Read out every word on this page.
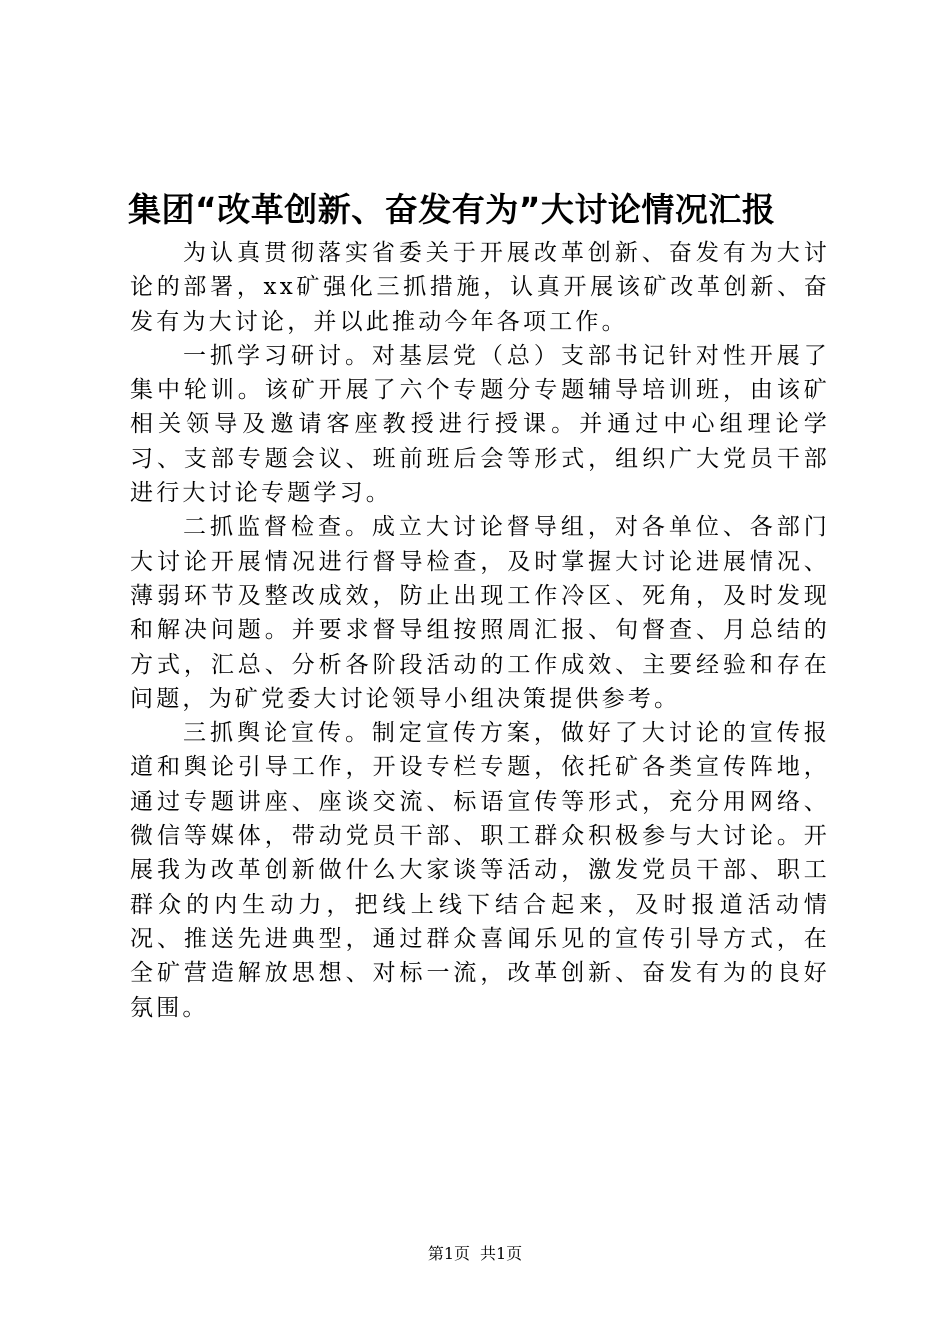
集团“改革创新、奋发有为”大讨论情况汇报

为认真贯彻落实省委关于开展改革创新、奋发有为大讨论的部署，xx矿强化三抓措施，认真开展该矿改革创新、奋发有为大讨论，并以此推动今年各项工作。

一抓学习研讨。对基层党（总）支部书记针对性开展了集中轮训。该矿开展了六个专题分专题辅导培训班，由该矿相关领导及邀请客座教授进行授课。并通过中心组理论学习、支部专题会议、班前班后会等形式，组织广大党员干部进行大讨论专题学习。

二抓监督检查。成立大讨论督导组，对各单位、各部门大讨论开展情况进行督导检查，及时掌握大讨论进展情况、薄弱环节及整改成效，防止出现工作冷区、死角，及时发现和解决问题。并要求督导组按照周汇报、旬督查、月总结的方式，汇总、分析各阶段活动的工作成效、主要经验和存在问题，为矿党委大讨论领导小组决策提供参考。

三抓舆论宣传。制定宣传方案，做好了大讨论的宣传报道和舆论引导工作，开设专栏专题，依托矿各类宣传阵地，通过专题讲座、座谈交流、标语宣传等形式，充分用网络、微信等媒体，带动党员干部、职工群众积极参与大讨论。开展我为改革创新做什么大家谈等活动，激发党员干部、职工群众的内生动力，把线上线下结合起来，及时报道活动情况、推送先进典型，通过群众喜闻乐见的宣传引导方式，在全矿营造解放思想、对标一流，改革创新、奋发有为的良好氛围。

第1页 共1页
